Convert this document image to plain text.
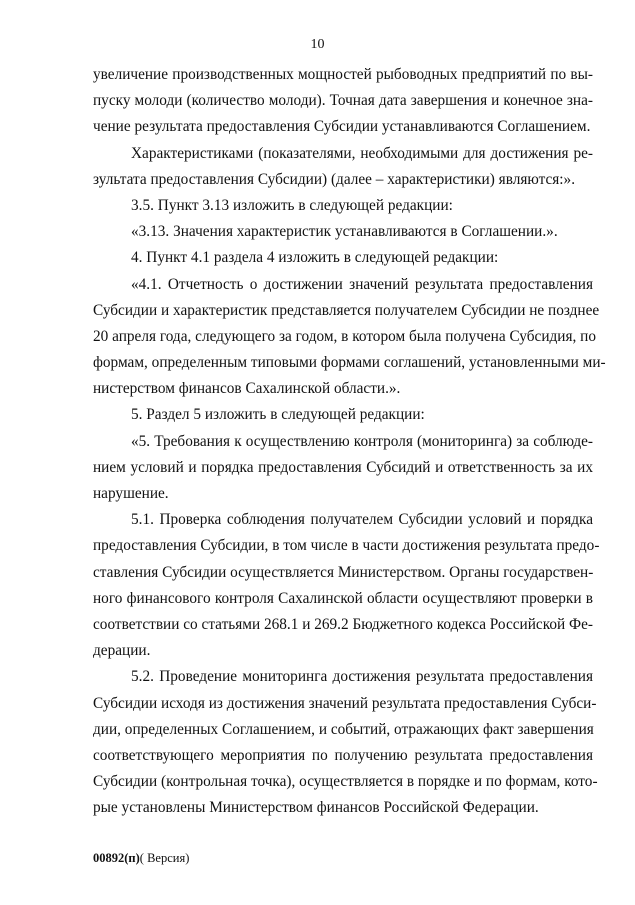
10
увеличение производственных мощностей рыбоводных предприятий по вы-
пуску молоди (количество молоди). Точная дата завершения и конечное зна-
чение результата предоставления Субсидии устанавливаются Соглашением.
Характеристиками (показателями, необходимыми для достижения ре-
зультата предоставления Субсидии) (далее – характеристики) являются:».
3.5. Пункт 3.13 изложить в следующей редакции:
«3.13. Значения характеристик устанавливаются в Соглашении.».
4. Пункт 4.1 раздела 4 изложить в следующей редакции:
«4.1. Отчетность о достижении значений результата предоставления
Субсидии и характеристик представляется получателем Субсидии не позднее
20 апреля года, следующего за годом, в котором была получена Субсидия, по
формам, определенным типовыми формами соглашений, установленными ми-
нистерством финансов Сахалинской области.».
5. Раздел 5 изложить в следующей редакции:
«5. Требования к осуществлению контроля (мониторинга) за соблюде-
нием условий и порядка предоставления Субсидий и ответственность за их
нарушение.
5.1. Проверка соблюдения получателем Субсидии условий и порядка
предоставления Субсидии, в том числе в части достижения результата предо-
ставления Субсидии осуществляется Министерством. Органы государствен-
ного финансового контроля Сахалинской области осуществляют проверки в
соответствии со статьями 268.1 и 269.2 Бюджетного кодекса Российской Фе-
дерации.
5.2. Проведение мониторинга достижения результата предоставления
Субсидии исходя из достижения значений результата предоставления Субси-
дии, определенных Соглашением, и событий, отражающих факт завершения
соответствующего мероприятия по получению результата предоставления
Субсидии (контрольная точка), осуществляется в порядке и по формам, кото-
рые установлены Министерством финансов Российской Федерации.
00892(п)( Версия)
